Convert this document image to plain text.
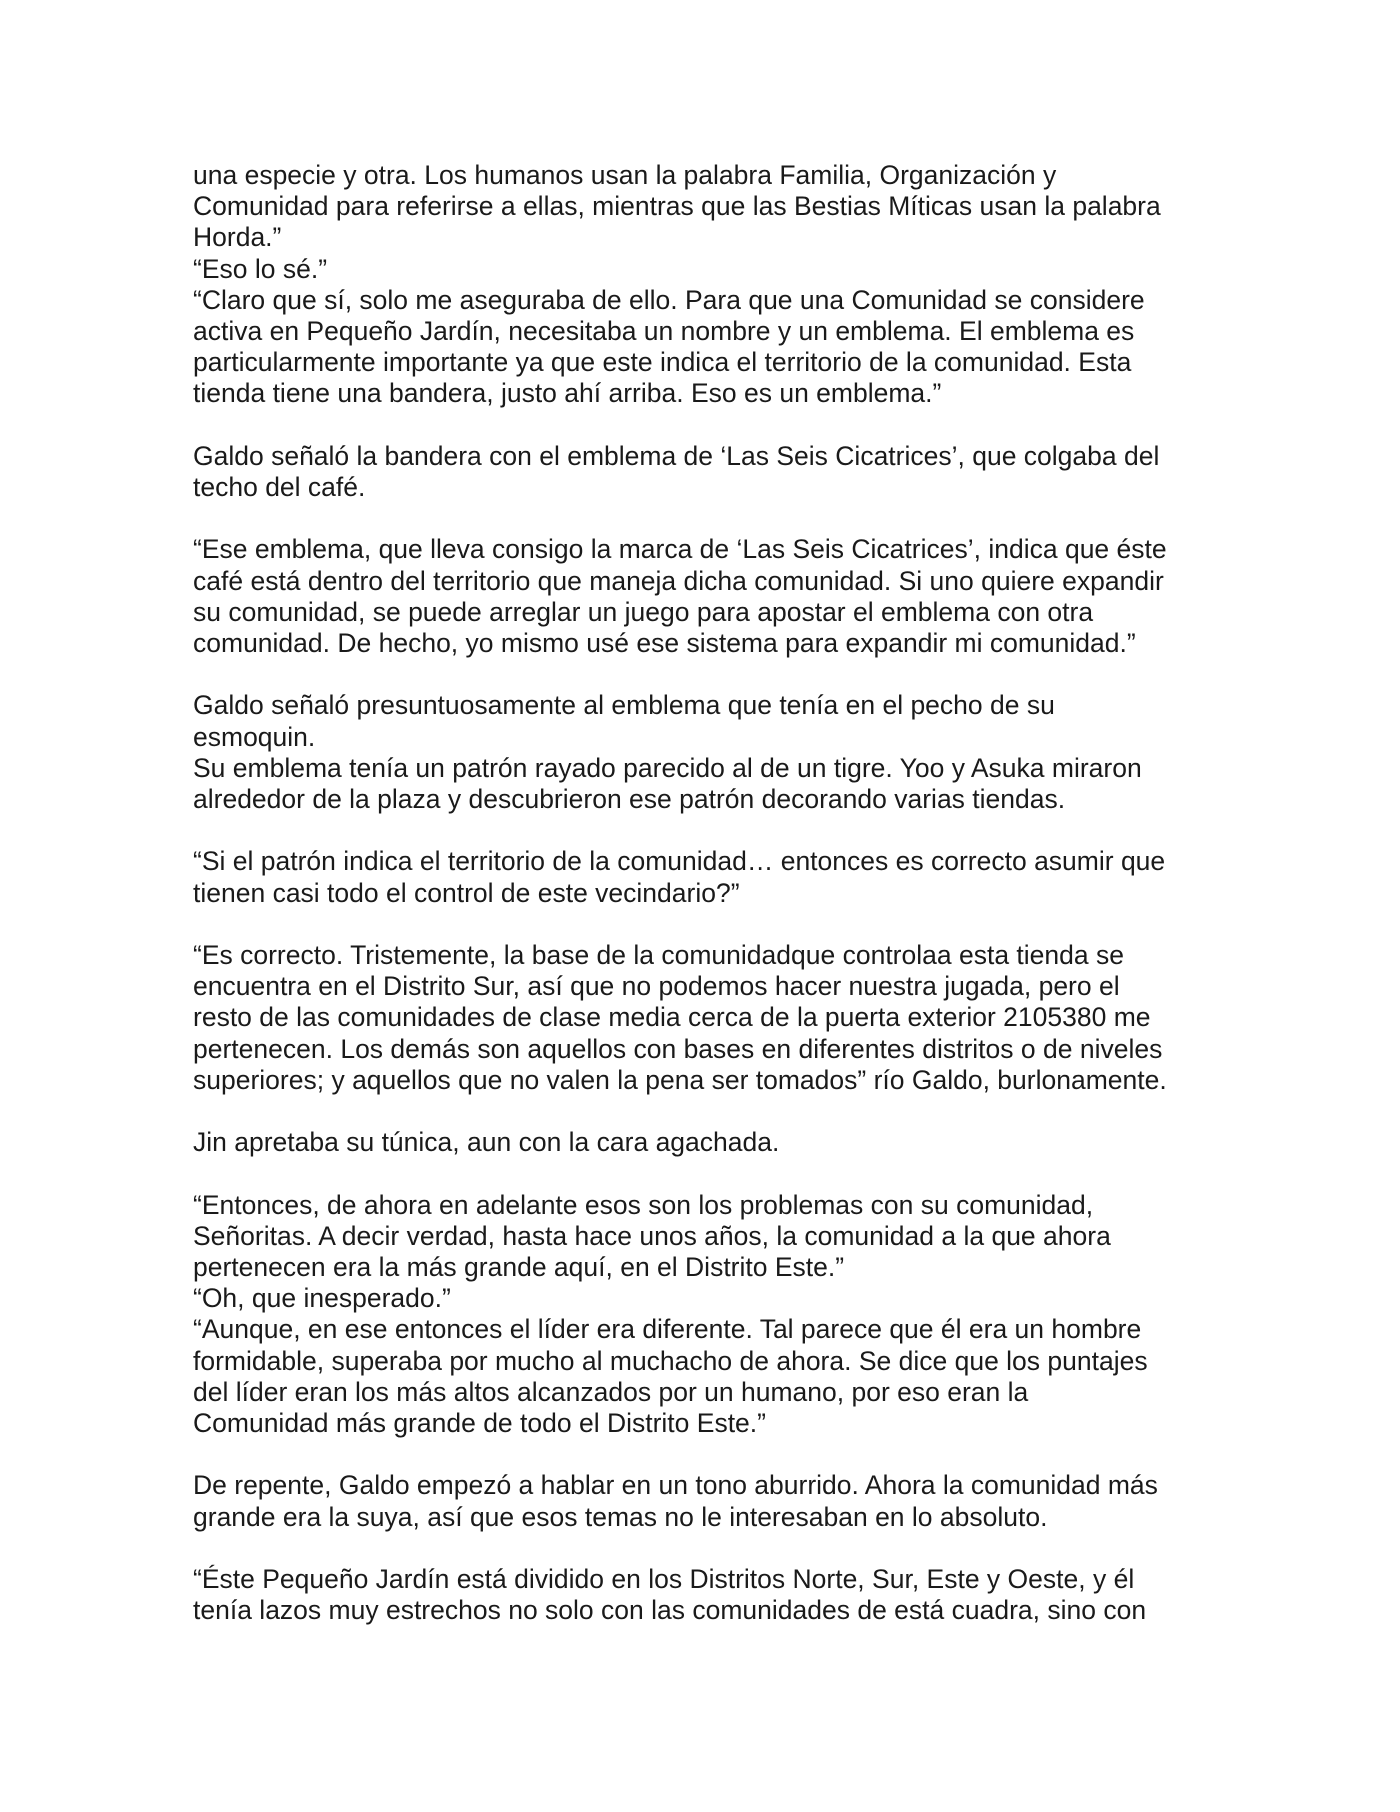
una especie y otra. Los humanos usan la palabra Familia, Organización y
Comunidad para referirse a ellas, mientras que las Bestias Míticas usan la palabra
Horda.”
“Eso lo sé.”
“Claro que sí, solo me aseguraba de ello. Para que una Comunidad se considere
activa en Pequeño Jardín, necesitaba un nombre y un emblema. El emblema es
particularmente importante ya que este indica el territorio de la comunidad. Esta
tienda tiene una bandera, justo ahí arriba. Eso es un emblema.”

Galdo señaló la bandera con el emblema de ‘Las Seis Cicatrices’, que colgaba del
techo del café.

“Ese emblema, que lleva consigo la marca de ‘Las Seis Cicatrices’, indica que éste
café está dentro del territorio que maneja dicha comunidad. Si uno quiere expandir
su comunidad, se puede arreglar un juego para apostar el emblema con otra
comunidad. De hecho, yo mismo usé ese sistema para expandir mi comunidad.”

Galdo señaló presuntuosamente al emblema que tenía en el pecho de su
esmoquin.
Su emblema tenía un patrón rayado parecido al de un tigre. Yoo y Asuka miraron
alrededor de la plaza y descubrieron ese patrón decorando varias tiendas.

“Si el patrón indica el territorio de la comunidad… entonces es correcto asumir que
tienen casi todo el control de este vecindario?”

“Es correcto. Tristemente, la base de la comunidadque controlaa esta tienda se
encuentra en el Distrito Sur, así que no podemos hacer nuestra jugada, pero el
resto de las comunidades de clase media cerca de la puerta exterior 2105380 me
pertenecen. Los demás son aquellos con bases en diferentes distritos o de niveles
superiores; y aquellos que no valen la pena ser tomados” río Galdo, burlonamente.

Jin apretaba su túnica, aun con la cara agachada.

“Entonces, de ahora en adelante esos son los problemas con su comunidad,
Señoritas. A decir verdad, hasta hace unos años, la comunidad a la que ahora
pertenecen era la más grande aquí, en el Distrito Este.”
“Oh, que inesperado.”
“Aunque, en ese entonces el líder era diferente. Tal parece que él era un hombre
formidable, superaba por mucho al muchacho de ahora. Se dice que los puntajes
del líder eran los más altos alcanzados por un humano, por eso eran la
Comunidad más grande de todo el Distrito Este.”

De repente, Galdo empezó a hablar en un tono aburrido. Ahora la comunidad más
grande era la suya, así que esos temas no le interesaban en lo absoluto.

“Éste Pequeño Jardín está dividido en los Distritos Norte, Sur, Este y Oeste, y él
tenía lazos muy estrechos no solo con las comunidades de está cuadra, sino con
